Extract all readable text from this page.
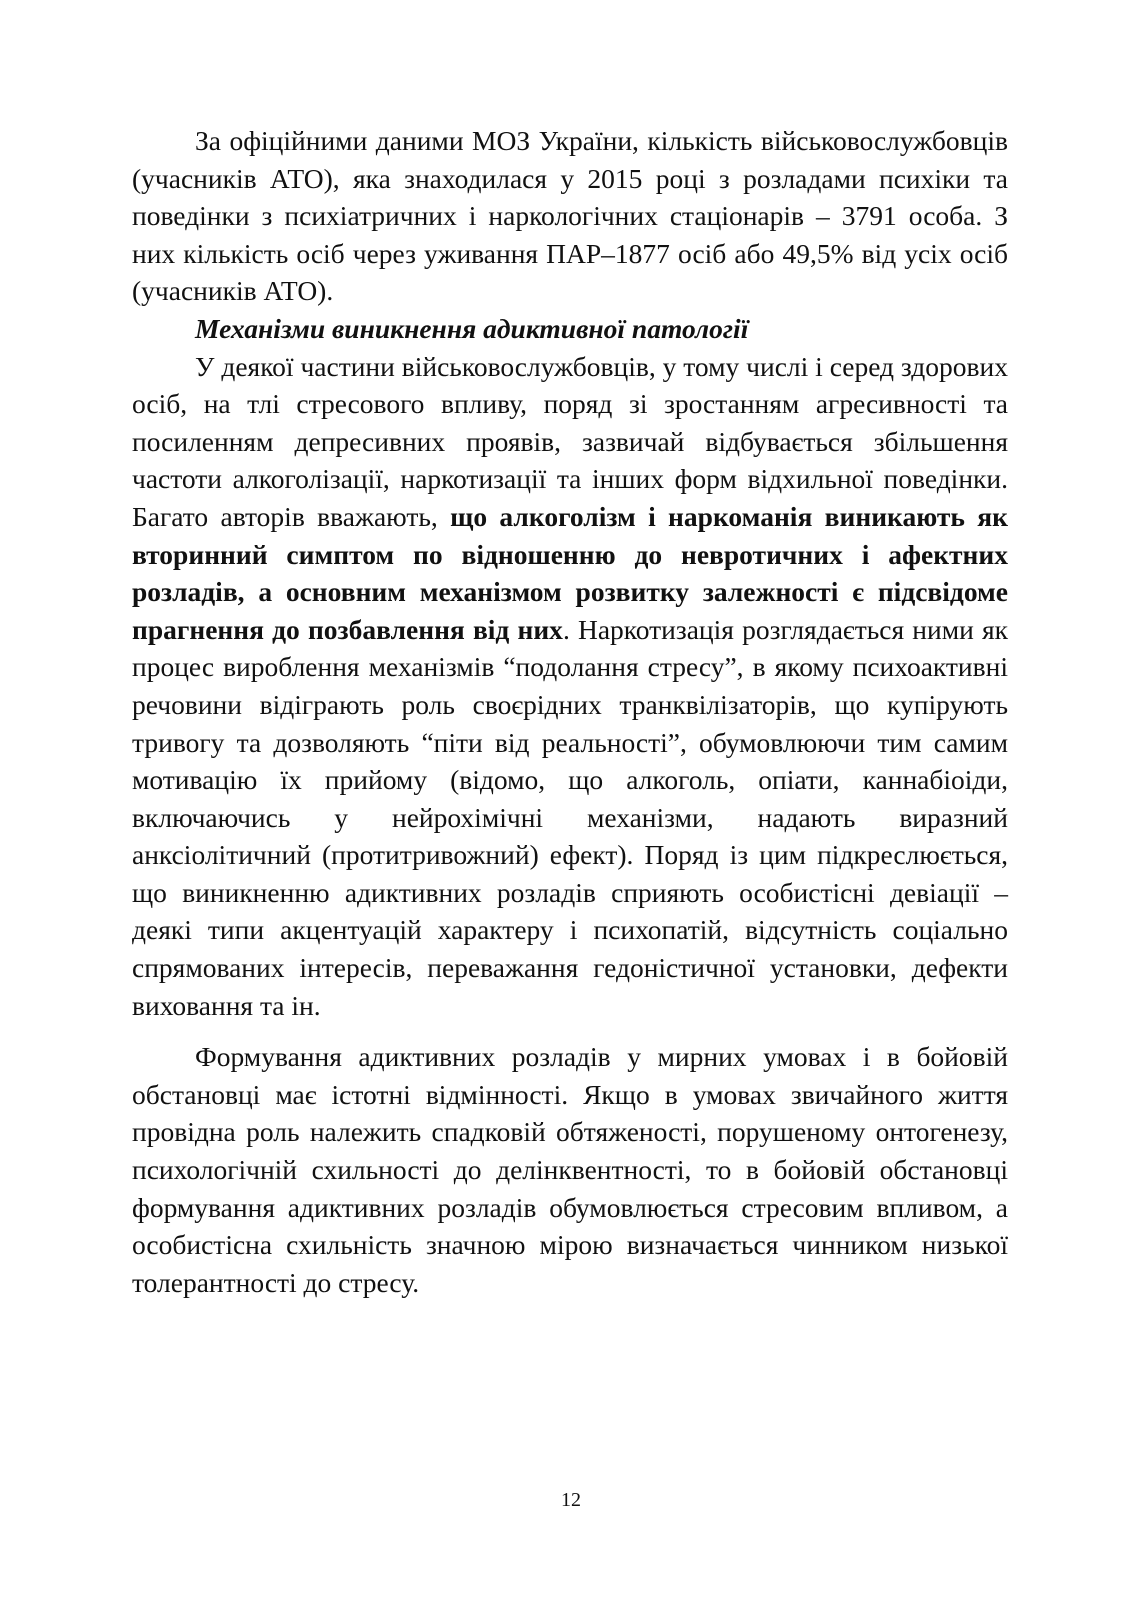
За офіційними даними МОЗ України, кількість військовослужбовців (учасників АТО), яка знаходилася у 2015 році з розладами психіки та поведінки з психіатричних і наркологічних стаціонарів – 3791 особа. З них кількість осіб через уживання ПАР–1877 осіб або 49,5% від усіх осіб (учасників АТО).

Механізми виникнення адиктивної патології

У деякої частини військовослужбовців, у тому числі і серед здорових осіб, на тлі стресового впливу, поряд зі зростанням агресивності та посиленням депресивних проявів, зазвичай відбувається збільшення частоти алкоголізації, наркотизації та інших форм відхильної поведінки. Багато авторів вважають, що алкоголізм і наркоманія виникають як вторинний симптом по відношенню до невротичних і афектних розладів, а основним механізмом розвитку залежності є підсвідоме прагнення до позбавлення від них. Наркотизація розглядається ними як процес вироблення механізмів “подолання стресу”, в якому психоактивні речовини відіграють роль своєрідних транквілізаторів, що купірують тривогу та дозволяють “піти від реальності”, обумовлюючи тим самим мотивацію їх прийому (відомо, що алкоголь, опіати, каннабіоіди, включаючись у нейрохімічні механізми, надають виразний анксіолітичний (протитривожний) ефект). Поряд із цим підкреслюється, що виникненню адиктивних розладів сприяють особистісні девіації – деякі типи акцентуацій характеру і психопатій, відсутність соціально спрямованих інтересів, переважання гедоністичної установки, дефекти виховання та ін.

Формування адиктивних розладів у мирних умовах і в бойовій обстановці має істотні відмінності. Якщо в умовах звичайного життя провідна роль належить спадковій обтяженості, порушеному онтогенезу, психологічній схильності до делінквентності, то в бойовій обстановці формування адиктивних розладів обумовлюється стресовим впливом, а особистісна схильність значною мірою визначається чинником низької толерантності до стресу.

12
